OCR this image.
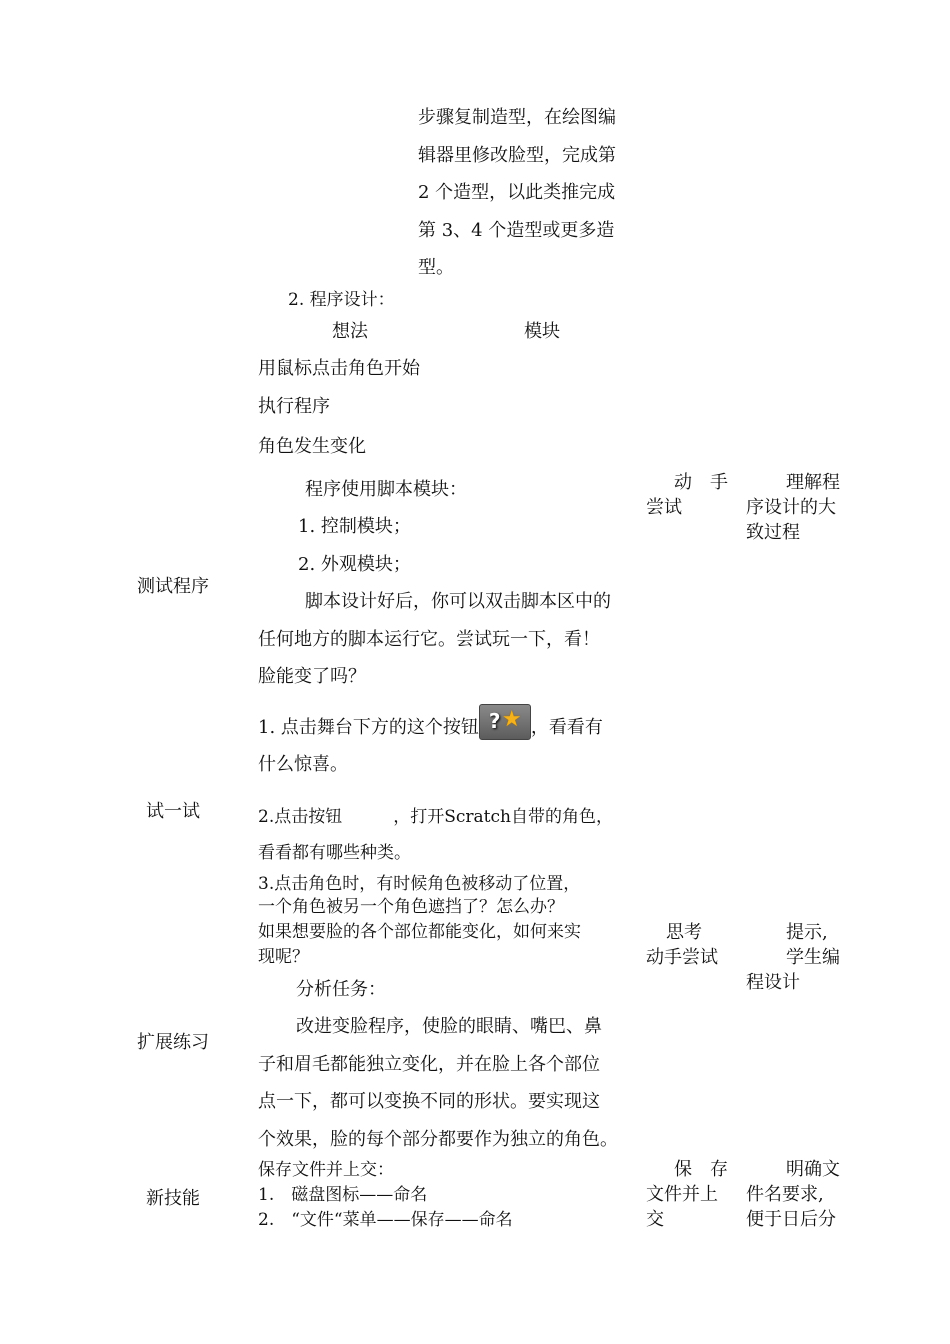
步骤复制造型，在绘图编
辑器里修改脸型，完成第
2 个造型，以此类推完成
第 3、4 个造型或更多造
型。
2. 程序设计：
想法	模块
用鼠标点击角色开始
执行程序
角色发生变化
程序使用脚本模块：
1. 控制模块；
2. 外观模块；
脚本设计好后，你可以双击脚本区中的
任何地方的脚本运行它。尝试玩一下，看！
脸能变了吗？
1. 点击舞台下方的这个按钮 ? ★ ，看看有
什么惊喜。
2.点击按钮　　　，打开Scratch自带的角色，
看看都有哪些种类。
3.点击角色时，有时候角色被移动了位置，
一个角色被另一个角色遮挡了？怎么办？
如果想要脸的各个部位都能变化，如何来实
现呢？
分析任务：
改进变脸程序，使脸的眼睛、嘴巴、鼻
子和眉毛都能独立变化，并在脸上各个部位
点一下，都可以变换不同的形状。要实现这
个效果，脸的每个部分都要作为独立的角色。
保存文件并上交：
1.　磁盘图标——命名
2.　“文件“菜单——保存——命名
测试程序
试一试
扩展练习
新技能
动　手
尝试
思考
动手尝试
保　存
文件并上
交
理解程
序设计的大
致过程
提示,
学生编
程设计
明确文
件名要求,
便于日后分
